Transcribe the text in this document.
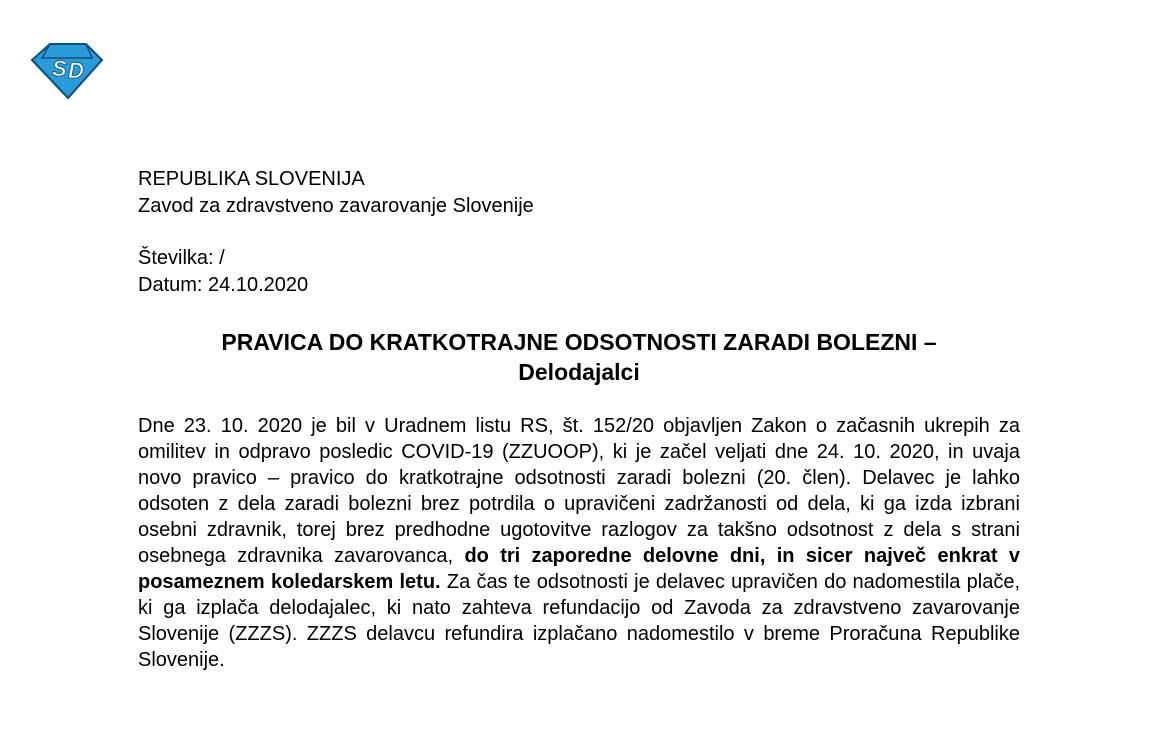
S D
REPUBLIKA SLOVENIJA
Zavod za zdravstveno zavarovanje Slovenije
Številka: /
Datum: 24.10.2020
PRAVICA DO KRATKOTRAJNE ODSOTNOSTI ZARADI BOLEZNI –
Delodajalci
Dne 23. 10. 2020 je bil v Uradnem listu RS, št. 152/20 objavljen Zakon o začasnih ukrepih za omilitev in odpravo posledic COVID-19 (ZZUOOP), ki je začel veljati dne 24. 10. 2020, in uvaja novo pravico – pravico do kratkotrajne odsotnosti zaradi bolezni (20. člen). Delavec je lahko odsoten z dela zaradi bolezni brez potrdila o upravičeni zadržanosti od dela, ki ga izda izbrani osebni zdravnik, torej brez predhodne ugotovitve razlogov za takšno odsotnost z dela s strani osebnega zdravnika zavarovanca, do tri zaporedne delovne dni, in sicer največ enkrat v posameznem koledarskem letu. Za čas te odsotnosti je delavec upravičen do nadomestila plače, ki ga izplača delodajalec, ki nato zahteva refundacijo od Zavoda za zdravstveno zavarovanje Slovenije (ZZZS). ZZZS delavcu refundira izplačano nadomestilo v breme Proračuna Republike Slovenije.
